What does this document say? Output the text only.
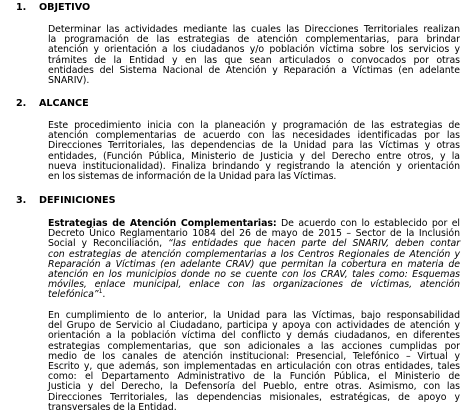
1. OBJETIVO
Determinar las actividades mediante las cuales las Direcciones Territoriales realizan
la programación de las estrategias de atención complementarias, para brindar
atención y orientación a los ciudadanos y/o población víctima sobre los servicios y
trámites de la Entidad y en las que sean articulados o convocados por otras
entidades del Sistema Nacional de Atención y Reparación a Víctimas (en adelante
SNARIV).
2. ALCANCE
Este procedimiento inicia con la planeación y programación de las estrategias de
atención complementarias de acuerdo con las necesidades identificadas por las
Direcciones Territoriales, las dependencias de la Unidad para las Víctimas y otras
entidades, (Función Pública, Ministerio de Justicia y del Derecho entre otros, y la
nueva institucionalidad). Finaliza brindando y registrando la atención y orientación
en los sistemas de información de la Unidad para las Víctimas.
3. DEFINICIONES
Estrategias de Atención Complementarias: De acuerdo con lo establecido por el
Decreto Único Reglamentario 1084 del 26 de mayo de 2015 – Sector de la Inclusión
Social y Reconciliación, “las entidades que hacen parte del SNARIV, deben contar
con estrategias de atención complementarias a los Centros Regionales de Atención y
Reparación a Víctimas (en adelante CRAV) que permitan la cobertura en materia de
atención en los municipios donde no se cuente con los CRAV, tales como: Esquemas
móviles, enlace municipal, enlace con las organizaciones de víctimas, atención
telefónica”$^1$.
En cumplimiento de lo anterior, la Unidad para las Víctimas, bajo responsabilidad
del Grupo de Servicio al Ciudadano, participa y apoya con actividades de atención y
orientación a la población víctima del conflicto y demás ciudadanos, en diferentes
estrategias complementarias, que son adicionales a las acciones cumplidas por
medio de los canales de atención institucional: Presencial, Telefónico – Virtual y
Escrito y, que además, son implementadas en articulación con otras entidades, tales
como: el Departamento Administrativo de la Función Pública, el Ministerio de
Justicia y del Derecho, la Defensoría del Pueblo, entre otras. Asimismo, con las
Direcciones Territoriales, las dependencias misionales, estratégicas, de apoyo y
transversales de la Entidad.
